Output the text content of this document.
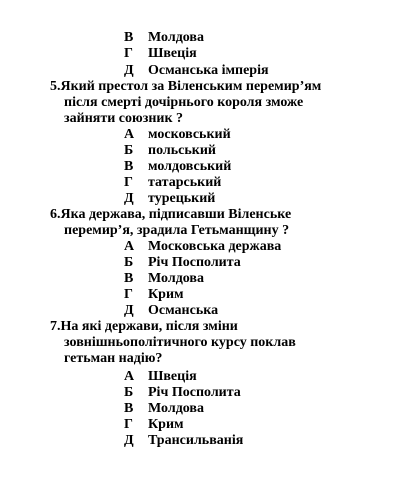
В Молдова
Г Швеція
Д Османська імперія
5.Який престол за Віленським перемир’ям
після смерті дочірнього короля зможе
зайняти союзник ?
А московський
Б польський
В молдовський
Г татарський
Д турецький
6.Яка держава, підписавши Віленське
перемир’я, зрадила Гетьманщину ?
А Московська держава
Б Річ Посполита
В Молдова
Г Крим
Д Османська
7.На які держави, після зміни
зовнішньополітичного курсу поклав
гетьман надію?
А Швеція
Б Річ Посполита
В Молдова
Г Крим
Д Трансильванія
